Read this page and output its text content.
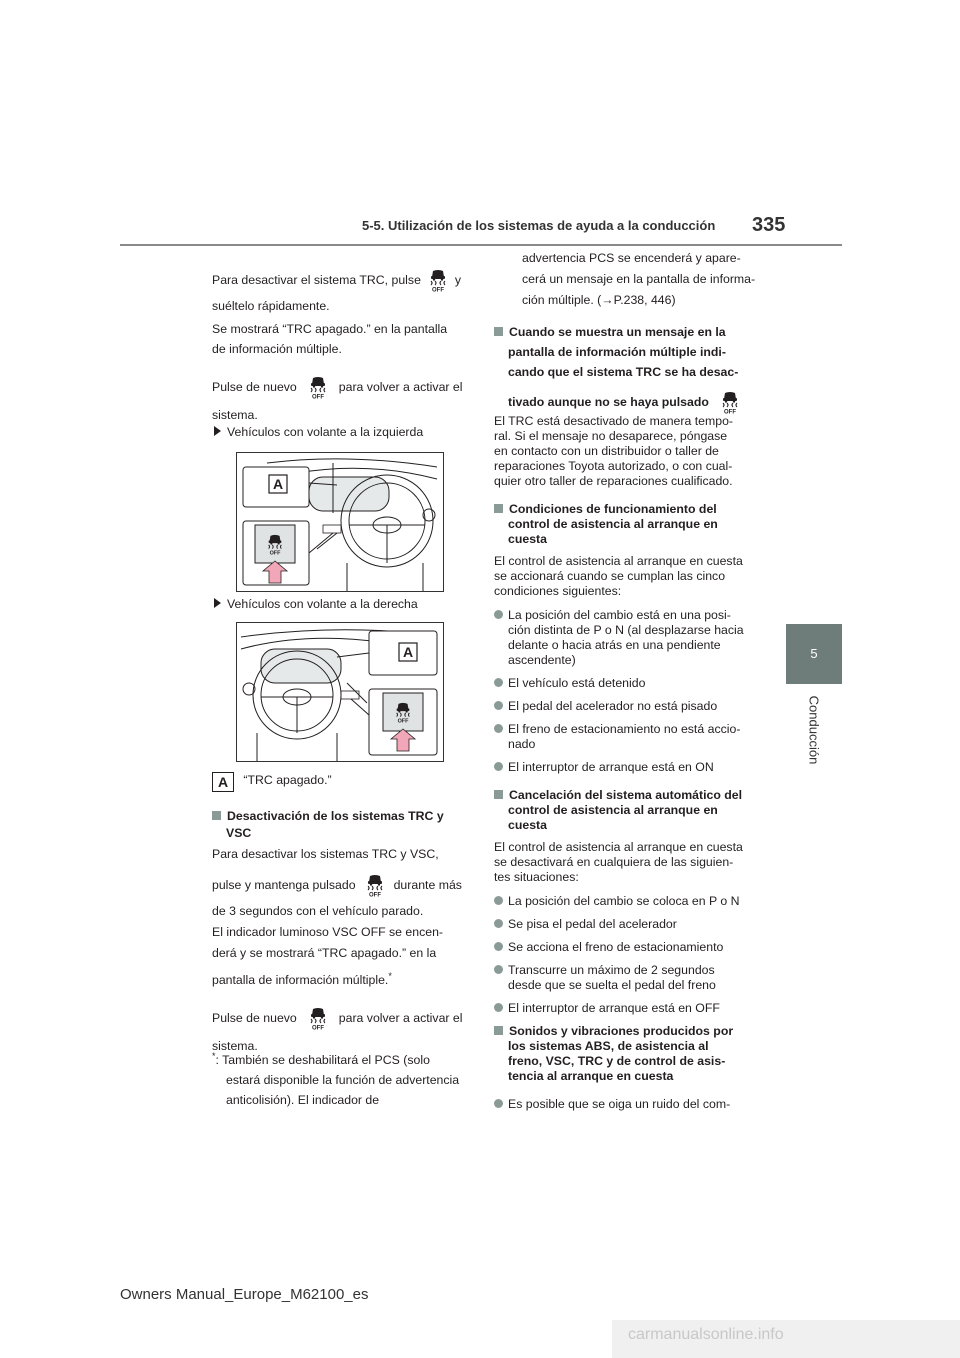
5-5. Utilización de los sistemas de ayuda a la conducción 335
5
Conducción
Para desactivar el sistema TRC, pulse	y
suéltelo rápidamente.
Se mostrará “TRC apagado.” en la pantalla
de información múltiple.
Pulse de nuevo	para volver a activar el
sistema.
Vehículos con volante a la izquierda
A
Vehículos con volante a la derecha
A
A “TRC apagado.”
Desactivación de los sistemas TRC y
VSC
Para desactivar los sistemas TRC y VSC,
pulse y mantenga pulsado	durante más
de 3 segundos con el vehículo parado.
El indicador luminoso VSC OFF se encen-
derá y se mostrará “TRC apagado.” en la
pantalla de información múltiple.*
Pulse de nuevo	para volver a activar el
sistema.
*: También se deshabilitará el PCS (solo
estará disponible la función de advertencia
anticolisión). El indicador de
advertencia PCS se encenderá y apare-
cerá un mensaje en la pantalla de informa-
ción múltiple. (→P.238, 446)
Cuando se muestra un mensaje en la
pantalla de información múltiple indi-
cando que el sistema TRC se ha desac-
tivado aunque no se haya pulsado
El TRC está desactivado de manera tempo-
ral. Si el mensaje no desaparece, póngase
en contacto con un distribuidor o taller de
reparaciones Toyota autorizado, o con cual-
quier otro taller de reparaciones cualificado.
Condiciones de funcionamiento del
control de asistencia al arranque en
cuesta
El control de asistencia al arranque en cuesta
se accionará cuando se cumplan las cinco
condiciones siguientes:
La posición del cambio está en una posi-
ción distinta de P o N (al desplazarse hacia
delante o hacia atrás en una pendiente
ascendente)
El vehículo está detenido
El pedal del acelerador no está pisado
El freno de estacionamiento no está accio-
nado
El interruptor de arranque está en ON
Cancelación del sistema automático del
control de asistencia al arranque en
cuesta
El control de asistencia al arranque en cuesta
se desactivará en cualquiera de las siguien-
tes situaciones:
La posición del cambio se coloca en P o N
Se pisa el pedal del acelerador
Se acciona el freno de estacionamiento
Transcurre un máximo de 2 segundos
desde que se suelta el pedal del freno
El interruptor de arranque está en OFF
Sonidos y vibraciones producidos por
los sistemas ABS, de asistencia al
freno, VSC, TRC y de control de asis-
tencia al arranque en cuesta
Es posible que se oiga un ruido del com-
Owners Manual_Europe_M62100_es
carmanualsonline.info
